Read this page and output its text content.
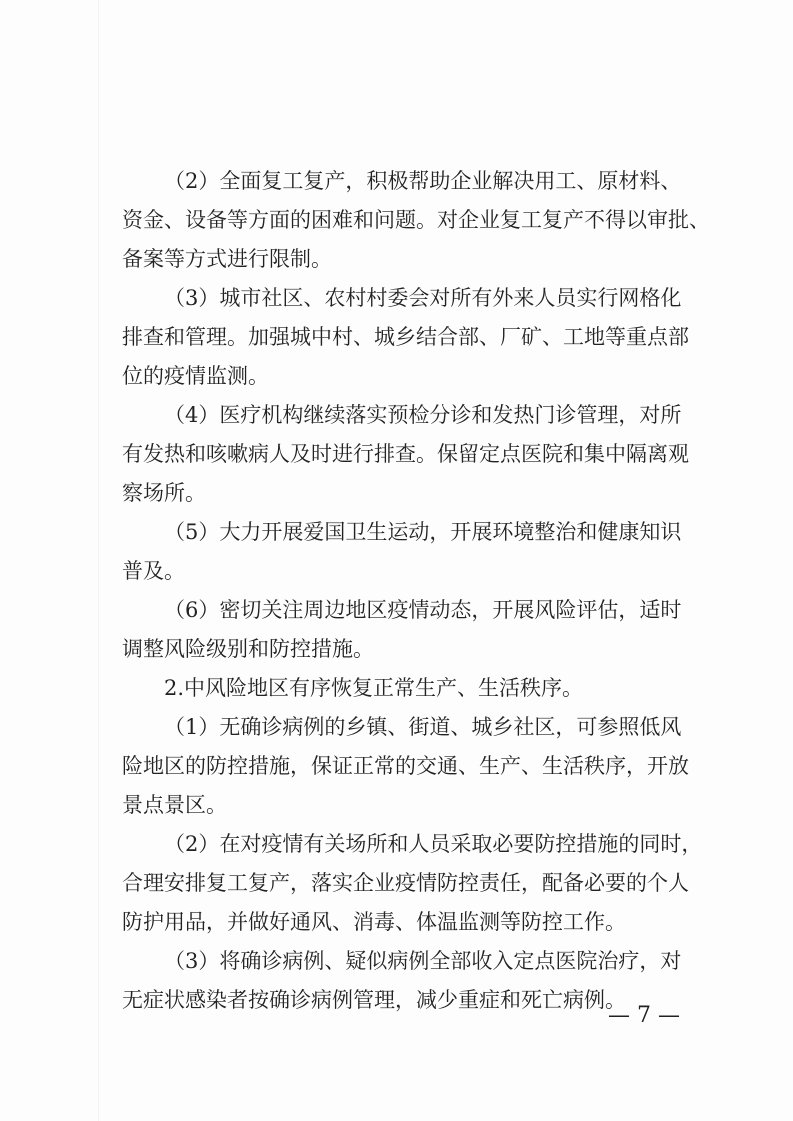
（2）全面复工复产，积极帮助企业解决用工、原材料、
资金、设备等方面的困难和问题。对企业复工复产不得以审批、
备案等方式进行限制。
（3）城市社区、农村村委会对所有外来人员实行网格化
排查和管理。加强城中村、城乡结合部、厂矿、工地等重点部
位的疫情监测。
（4）医疗机构继续落实预检分诊和发热门诊管理，对所
有发热和咳嗽病人及时进行排查。保留定点医院和集中隔离观
察场所。
（5）大力开展爱国卫生运动，开展环境整治和健康知识
普及。
（6）密切关注周边地区疫情动态，开展风险评估，适时
调整风险级别和防控措施。
2.中风险地区有序恢复正常生产、生活秩序。
（1）无确诊病例的乡镇、街道、城乡社区，可参照低风
险地区的防控措施，保证正常的交通、生产、生活秩序，开放
景点景区。
（2）在对疫情有关场所和人员采取必要防控措施的同时，
合理安排复工复产，落实企业疫情防控责任，配备必要的个人
防护用品，并做好通风、消毒、体温监测等防控工作。
（3）将确诊病例、疑似病例全部收入定点医院治疗，对
无症状感染者按确诊病例管理，减少重症和死亡病例。
— 7 —
